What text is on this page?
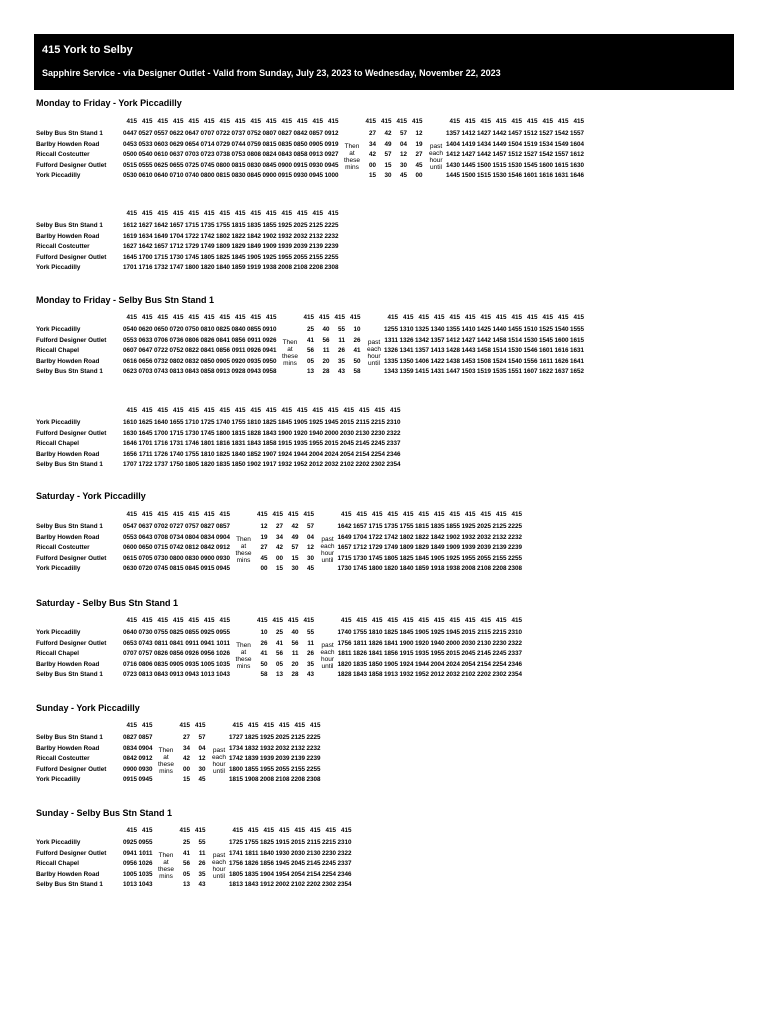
415 York to Selby
Sapphire Service - via Designer Outlet - Valid from Sunday, July 23, 2023 to Wednesday, November 22, 2023
Monday to Friday - York Piccadilly
415 415 415 415 415 415 415 415 415 415 415 415 415 415	415 415 415 415	415 415 415 415 415 415 415 415 415
Selby Bus Stn Stand 1	0447 0527 0557 0622 0647 0707 0722 0737 0752 0807 0827 0842 0857 0912	27	42	57	12	1357 1412 1427 1442 1457 1512 1527 1542 1557
Barlby Howden Road	0453 0533 0603 0629 0654 0714 0729 0744 0759 0815 0835 0850 0905 0919	34	49	04	19	1404 1419 1434 1449 1504 1519 1534 1549 1604
Riccall Costcutter	0500 0540 0610 0637 0703 0723 0738 0753 0808 0824 0843 0858 0913 0927	42	57	12	27	1412 1427 1442 1457 1512 1527 1542 1557 1612
Fulford Designer Outlet	0515 0555 0625 0655 0725 0745 0800 0815 0830 0845 0900 0915 0930 0945	00	15	30	45	1430 1445 1500 1515 1530 1545 1600 1615 1630
York Piccadilly	0530 0610 0640 0710 0740 0800 0815 0830 0845 0900 0915 0930 0945 1000	15	30	45	00	1445 1500 1515 1530 1546 1601 1616 1631 1646
Then
at
these
mins
past
each
hour
until
415 415 415 415 415 415 415 415 415 415 415 415 415 415
Selby Bus Stn Stand 1	1612 1627 1642 1657 1715 1735 1755 1815 1835 1855 1925 2025 2125 2225
Barlby Howden Road	1619 1634 1649 1704 1722 1742 1802 1822 1842 1902 1932 2032 2132 2232
Riccall Costcutter	1627 1642 1657 1712 1729 1749 1809 1829 1849 1909 1939 2039 2139 2239
Fulford Designer Outlet	1645 1700 1715 1730 1745 1805 1825 1845 1905 1925 1955 2055 2155 2255
York Piccadilly	1701 1716 1732 1747 1800 1820 1840 1859 1919 1938 2008 2108 2208 2308
Monday to Friday - Selby Bus Stn Stand 1
415 415 415 415 415 415 415 415 415 415	415 415 415 415	415 415 415 415 415 415 415 415 415 415 415 415 415
York Piccadilly	0540 0620 0650 0720 0750 0810 0825 0840 0855 0910	25	40	55	10	1255 1310 1325 1340 1355 1410 1425 1440 1455 1510 1525 1540 1555
Fulford Designer Outlet	0553 0633 0706 0736 0806 0826 0841 0856 0911 0926	41	56	11	26	1311 1326 1342 1357 1412 1427 1442 1458 1514 1530 1545 1600 1615
Riccall Chapel	0607 0647 0722 0752 0822 0841 0856 0911 0926 0941	56	11	26	41	1326 1341 1357 1413 1428 1443 1458 1514 1530 1546 1601 1616 1631
Barlby Howden Road	0616 0656 0732 0802 0832 0850 0905 0920 0935 0950	05	20	35	50	1335 1350 1406 1422 1438 1453 1508 1524 1540 1556 1611 1626 1641
Selby Bus Stn Stand 1	0623 0703 0743 0813 0843 0858 0913 0928 0943 0958	13	28	43	58	1343 1359 1415 1431 1447 1503 1519 1535 1551 1607 1622 1637 1652
Then
at
these
mins
past
each
hour
until
415 415 415 415 415 415 415 415 415 415 415 415 415 415 415 415 415 415
York Piccadilly	1610 1625 1640 1655 1710 1725 1740 1755 1810 1825 1845 1905 1925 1945 2015 2115 2215 2310
Fulford Designer Outlet	1630 1645 1700 1715 1730 1745 1800 1815 1828 1843 1900 1920 1940 2000 2030 2130 2230 2322
Riccall Chapel	1646 1701 1716 1731 1746 1801 1816 1831 1843 1858 1915 1935 1955 2015 2045 2145 2245 2337
Barlby Howden Road	1656 1711 1726 1740 1755 1810 1825 1840 1852 1907 1924 1944 2004 2024 2054 2154 2254 2346
Selby Bus Stn Stand 1	1707 1722 1737 1750 1805 1820 1835 1850 1902 1917 1932 1952 2012 2032 2102 2202 2302 2354
Saturday - York Piccadilly
415 415 415 415 415 415 415	415 415 415 415	415 415 415 415 415 415 415 415 415 415 415 415
Selby Bus Stn Stand 1	0547 0637 0702 0727 0757 0827 0857	12	27	42	57	1642 1657 1715 1735 1755 1815 1835 1855 1925 2025 2125 2225
Barlby Howden Road	0553 0643 0708 0734 0804 0834 0904	19	34	49	04	1649 1704 1722 1742 1802 1822 1842 1902 1932 2032 2132 2232
Riccall Costcutter	0600 0650 0715 0742 0812 0842 0912	27	42	57	12	1657 1712 1729 1749 1809 1829 1849 1909 1939 2039 2139 2239
Fulford Designer Outlet	0615 0705 0730 0800 0830 0900 0930	45	00	15	30	1715 1730 1745 1805 1825 1845 1905 1925 1955 2055 2155 2255
York Piccadilly	0630 0720 0745 0815 0845 0915 0945	00	15	30	45	1730 1745 1800 1820 1840 1859 1918 1938 2008 2108 2208 2308
Then
at
these
mins
past
each
hour
until
Saturday - Selby Bus Stn Stand 1
415 415 415 415 415 415 415	415 415 415 415	415 415 415 415 415 415 415 415 415 415 415 415
York Piccadilly	0640 0730 0755 0825 0855 0925 0955	10	25	40	55	1740 1755 1810 1825 1845 1905 1925 1945 2015 2115 2215 2310
Fulford Designer Outlet	0653 0743 0811 0841 0911 0941 1011	26	41	56	11	1756 1811 1826 1841 1900 1920 1940 2000 2030 2130 2230 2322
Riccall Chapel	0707 0757 0826 0856 0926 0956 1026	41	56	11	26	1811 1826 1841 1856 1915 1935 1955 2015 2045 2145 2245 2337
Barlby Howden Road	0716 0806 0835 0905 0935 1005 1035	50	05	20	35	1820 1835 1850 1905 1924 1944 2004 2024 2054 2154 2254 2346
Selby Bus Stn Stand 1	0723 0813 0843 0913 0943 1013 1043	58	13	28	43	1828 1843 1858 1913 1932 1952 2012 2032 2102 2202 2302 2354
Then
at
these
mins
past
each
hour
until
Sunday - York Piccadilly
415 415	415 415	415 415 415 415 415 415
Selby Bus Stn Stand 1	0827 0857	27	57	1727 1825 1925 2025 2125 2225
Barlby Howden Road	0834 0904	34	04	1734 1832 1932 2032 2132 2232
Riccall Costcutter	0842 0912	42	12	1742 1839 1939 2039 2139 2239
Fulford Designer Outlet	0900 0930	00	30	1800 1855 1955 2055 2155 2255
York Piccadilly	0915 0945	15	45	1815 1908 2008 2108 2208 2308
Then
at
these
mins
past
each
hour
until
Sunday - Selby Bus Stn Stand 1
415 415	415 415	415 415 415 415 415 415 415 415
York Piccadilly	0925 0955	25	55	1725 1755 1825 1915 2015 2115 2215 2310
Fulford Designer Outlet	0941 1011	41	11	1741 1811 1840 1930 2030 2130 2230 2322
Riccall Chapel	0956 1026	56	26	1756 1826 1856 1945 2045 2145 2245 2337
Barlby Howden Road	1005 1035	05	35	1805 1835 1904 1954 2054 2154 2254 2346
Selby Bus Stn Stand 1	1013 1043	13	43	1813 1843 1912 2002 2102 2202 2302 2354
Then
at
these
mins
past
each
hour
until
